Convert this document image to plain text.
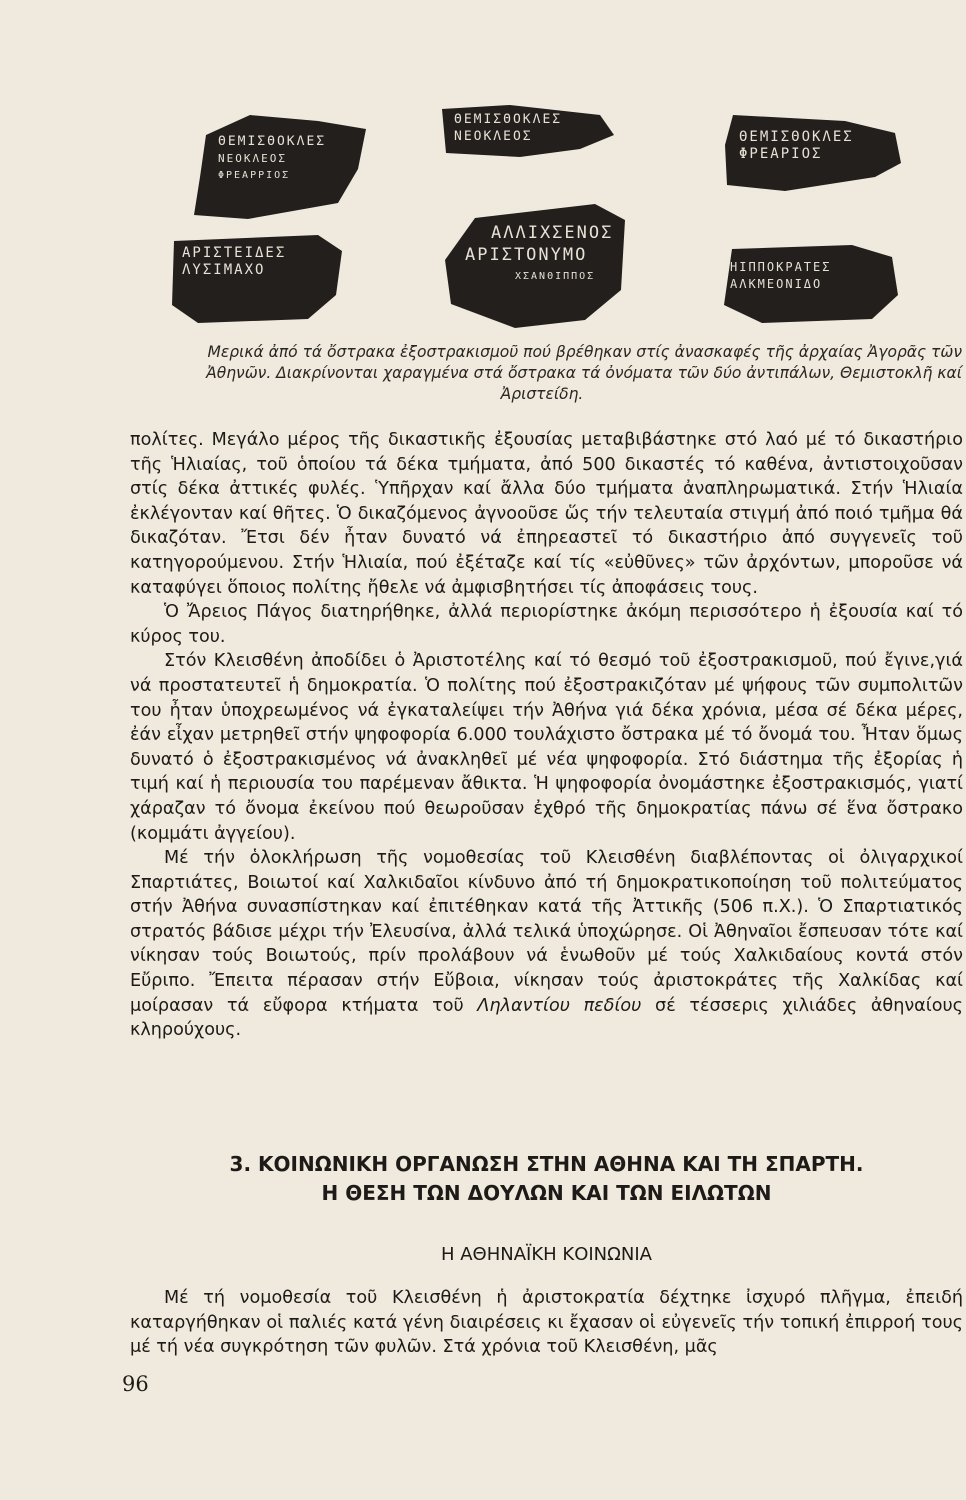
ΘΕΜΙΣΘΟΚΛΕΣ
ΝΕΟΚΛΕΟΣ
ΦΡΕΑΡΡΙΟΣ
ΘΕΜΙΣΘΟΚΛΕΣ
ΝΕΟΚΛΕΟΣ	ΘΕΜΙΣΘΟΚΛΕΣ
ΦΡΕΑΡΙΟΣ
ΑΡΙΣΤΕΙΔΕΣ
ΛΥΣΙΜΑΧΟ
ΑΛΛΙΧΣΕΝΟΣ
ΑΡΙΣΤΟΝΥΜΟ
ΧΣΑΝΘΙΠΠΟΣ
ΗΙΠΠΟΚΡΑΤΕΣ
ΑΛΚΜΕΟΝΙΔΟ

Μερικά ἀπό τά ὄστρακα ἐξοστρακισμοῦ πού βρέθηκαν στίς ἀνασκαφές τῆς ἀρχαίας Ἀγορᾶς τῶν

Ἀθηνῶν. Διακρίνονται χαραγμένα στά ὄστρακα τά ὀνόματα τῶν δύο ἀντιπάλων, Θεμιστοκλῆ καί

Ἀριστείδη.

πολίτες. Μεγάλο μέρος τῆς δικαστικῆς ἐξουσίας μεταβιβάστηκε στό λαό μέ τό δικαστήριο τῆς Ἡλιαίας, τοῦ ὁποίου τά δέκα τμήματα, ἀπό 500 δικαστές τό καθένα, ἀντιστοιχοῦσαν στίς δέκα ἀττικές φυλές. Ὑπῆρχαν καί ἄλλα δύο τμήματα ἀναπληρωματικά. Στήν Ἡλιαία ἐκλέγονταν καί θῆτες. Ὁ δικαζόμενος ἀγνοοῦσε ὥς τήν τελευταία στιγμή ἀπό ποιό τμῆμα θά δικαζόταν. Ἔτσι δέν ἦταν δυνατό νά ἐπηρεαστεῖ τό δικαστήριο ἀπό συγγενεῖς τοῦ κατηγορούμενου. Στήν Ἡλιαία, πού ἐξέταζε καί τίς «εὐθῦνες» τῶν ἀρχόντων, μποροῦσε νά καταφύγει ὅποιος πολίτης ἤθελε νά ἀμφισβητήσει τίς ἀποφάσεις τους.

Ὁ Ἄρειος Πάγος διατηρήθηκε, ἀλλά περιορίστηκε ἀκόμη περισσότερο ἡ ἐξουσία καί τό κύρος του.

Στόν Κλεισθένη ἀποδίδει ὁ Ἀριστοτέλης καί τό θεσμό τοῦ ἐξοστρακισμοῦ, πού ἔγινε,γιά νά προστατευτεῖ ἡ δημοκρατία. Ὁ πολίτης πού ἐξοστρακιζόταν μέ ψήφους τῶν συμπολιτῶν του ἦταν ὑποχρεωμένος νά ἐγκαταλείψει τήν Ἀθήνα γιά δέκα χρόνια, μέσα σέ δέκα μέρες, ἐάν εἶχαν μετρηθεῖ στήν ψηφοφορία 6.000 τουλάχιστο ὄστρακα μέ τό ὄνομά του. Ἦταν ὅμως δυνατό ὁ ἐξοστρακισμένος νά ἀνακληθεῖ μέ νέα ψηφοφορία. Στό διάστημα τῆς ἐξορίας ἡ τιμή καί ἡ περιουσία του παρέμεναν ἄθικτα. Ἡ ψηφοφορία ὀνομάστηκε ἐξοστρακισμός, γιατί χάραζαν τό ὄνομα ἐκείνου πού θεωροῦσαν ἐχθρό τῆς δημοκρατίας πάνω σέ ἕνα ὄστρακο (κομμάτι ἀγγείου).

Μέ τήν ὁλοκλήρωση τῆς νομοθεσίας τοῦ Κλεισθένη διαβλέποντας οἱ ὀλιγαρχικοί Σπαρτιάτες, Βοιωτοί καί Χαλκιδαῖοι κίνδυνο ἀπό τή δημοκρατικοποίηση τοῦ πολιτεύματος στήν Ἀθήνα συνασπίστηκαν καί ἐπιτέθηκαν κατά τῆς Ἀττικῆς (506 π.Χ.). Ὁ Σπαρτιατικός στρατός βάδισε μέχρι τήν Ἐλευσίνα, ἀλλά τελικά ὑποχώρησε. Οἱ Ἀθηναῖοι ἔσπευσαν τότε καί νίκησαν τούς Βοιωτούς, πρίν προλάβουν νά ἑνωθοῦν μέ τούς Χαλκιδαίους κοντά στόν Εὔριπο. Ἔπειτα πέρασαν στήν Εὔβοια, νίκησαν τούς ἀριστοκράτες τῆς Χαλκίδας καί μοίρασαν τά εὔφορα κτήματα τοῦ Ληλαντίου πεδίου σέ τέσσερις χιλιάδες ἀθηναίους κληρούχους.

3. ΚΟΙΝΩΝΙΚΗ ΟΡΓΑΝΩΣΗ ΣΤΗΝ ΑΘΗΝΑ ΚΑΙ ΤΗ ΣΠΑΡΤΗ.
Η ΘΕΣΗ ΤΩΝ ΔΟΥΛΩΝ ΚΑΙ ΤΩΝ ΕΙΛΩΤΩΝ
Η ΑΘΗΝΑΪΚΗ ΚΟΙΝΩΝΙΑ

Μέ τή νομοθεσία τοῦ Κλεισθένη ἡ ἀριστοκρατία δέχτηκε ἰσχυρό πλῆγμα, ἐπειδή καταργήθηκαν οἱ παλιές κατά γένη διαιρέσεις κι ἔχασαν οἱ εὐγενεῖς τήν τοπική ἐπιρροή τους μέ τή νέα συγκρότηση τῶν φυλῶν. Στά χρόνια τοῦ Κλεισθένη, μᾶς

96
